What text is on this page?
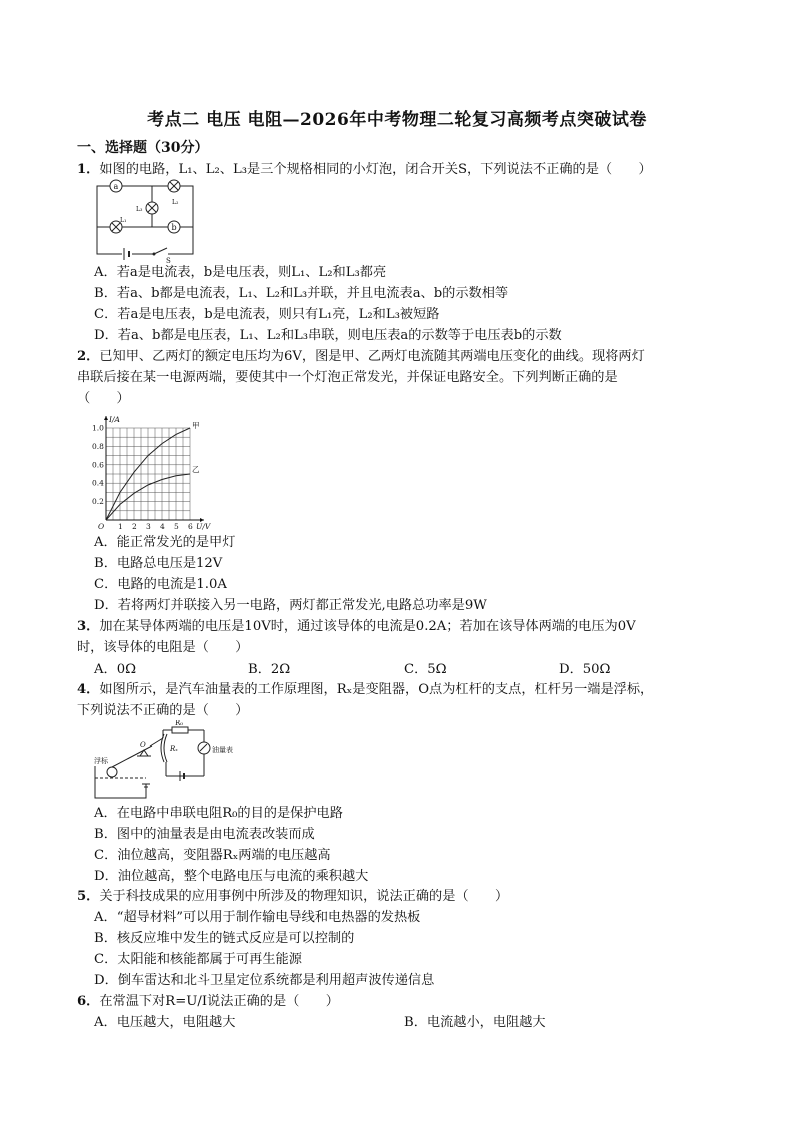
考点二 电压 电阻—2026年中考物理二轮复习高频考点突破试卷
一、选择题（30分）
1．如图的电路，L₁、L₂、L₃是三个规格相同的小灯泡，闭合开关S，下列说法不正确的是（　　）
a
b
L₂
L₃
L₁
S
A．若a是电流表，b是电压表，则L₁、L₂和L₃都亮
B．若a、b都是电流表，L₁、L₂和L₃并联，并且电流表a、b的示数相等
C．若a是电压表，b是电流表，则只有L₁亮，L₂和L₃被短路
D．若a、b都是电压表，L₁、L₂和L₃串联，则电压表a的示数等于电压表b的示数
2．已知甲、乙两灯的额定电压均为6V，图是甲、乙两灯电流随其两端电压变化的曲线。现将两灯
串联后接在某一电源两端，要使其中一个灯泡正常发光，并保证电路安全。下列判断正确的是
（　　）
1 2 3 4 5 6
0.2
0.4
0.6
0.8
1.0
O	U/V
I/A
甲
乙
A．能正常发光的是甲灯
B．电路总电压是12V
C．电路的电流是1.0A
D．若将两灯并联接入另一电路，两灯都正常发光,电路总功率是9W
3．加在某导体两端的电压是10V时，通过该导体的电流是0.2A；若加在该导体两端的电压为0V
时，该导体的电阻是（　　）
A．0Ω	B．2Ω	C．5Ω	D．50Ω
4．如图所示，是汽车油量表的工作原理图，Rₓ是变阻器，O点为杠杆的支点，杠杆另一端是浮标，
下列说法不正确的是（　　）
R₀
Rₓ
O
油量表
浮标
A．在电路中串联电阻R₀的目的是保护电路
B．图中的油量表是由电流表改装而成
C．油位越高，变阻器Rₓ两端的电压越高
D．油位越高，整个电路电压与电流的乘积越大
5．关于科技成果的应用事例中所涉及的物理知识，说法正确的是（　　）
A．“超导材料”可以用于制作输电导线和电热器的发热板
B．核反应堆中发生的链式反应是可以控制的
C．太阳能和核能都属于可再生能源
D．倒车雷达和北斗卫星定位系统都是利用超声波传递信息
6．在常温下对R=U/I说法正确的是（　　）
A．电压越大，电阻越大	B．电流越小，电阻越大
